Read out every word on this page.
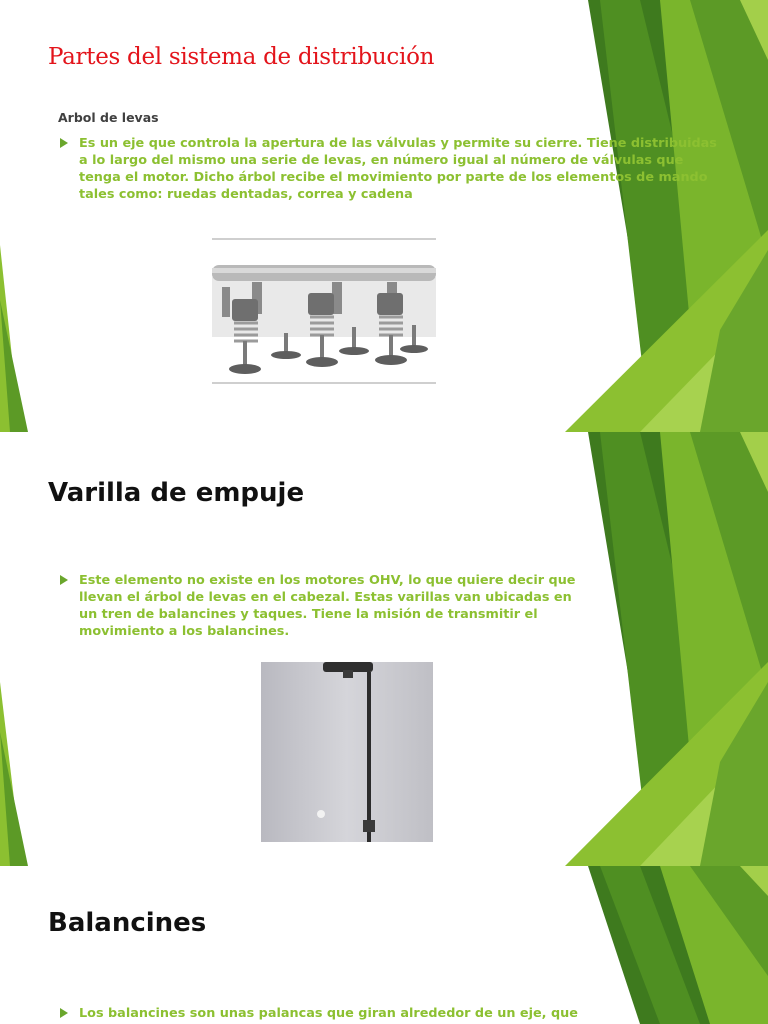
Partes del sistema de distribución
Arbol de levas

Es un eje que controla la apertura de las válvulas y permite su cierre. Tiene distribuidas a lo largo del mismo una serie de levas, en número igual al número de válvulas que tenga el motor. Dicho árbol recibe el movimiento por parte de los elementos de mando tales como: ruedas dentadas, correa y cadena

Varilla de empuje

Este elemento no existe en los motores OHV, lo que quiere decir que llevan el árbol de levas en el cabezal. Estas varillas van ubicadas en un tren de balancines y taques. Tiene la misión de transmitir el movimiento a los balancines.

Balancines

Los balancines son unas palancas que giran alrededor de un eje, que
